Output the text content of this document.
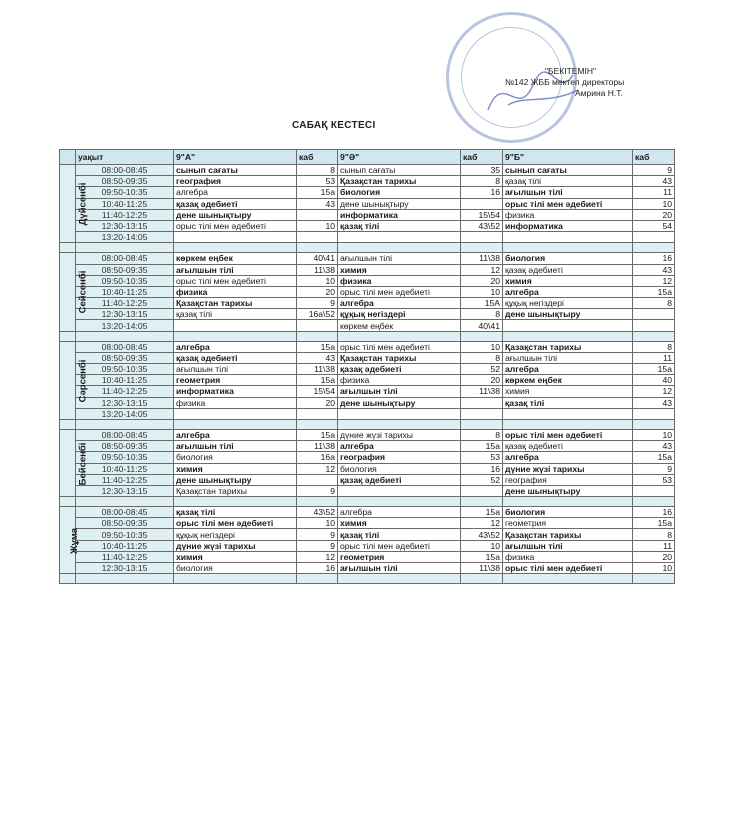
"БЕКІТЕМІН"
№142 ЖББ мектеп директоры
Амрина Н.Т.
САБАҚ КЕСТЕСІ
	уақыт	9"А"	каб	9"Ә"	каб	9"Б"	каб
Дүйсенбі	08:00-08:45	сынып сағаты	8	сынып сағаты	35	сынып сағаты	9
	08:50-09:35	география	53	Қазақстан тарихы	8	қазақ тілі	43
	09:50-10:35	алгебра	15а	биология	16	ағылшын тілі	11
	10:40-11:25	қазақ әдебиеті	43	дене шынықтыру		орыс тілі мен әдебиеті	10
	11:40-12:25	дене шынықтыру		информатика	15\54	физика	20
	12:30-13:15	орыс тілі мен әдебиеті	10	қазақ тілі	43\52	информатика	54
	13:20-14:05						

Сейсенбі	08:00-08:45	көркем еңбек	40\41	ағылшын тілі	11\38	биология	16
	08:50-09:35	ағылшын тілі	11\38	химия	12	қазақ әдебиеті	43
	09:50-10:35	орыс тілі мен әдебиеті	10	физика	20	химия	12
	10:40-11:25	физика	20	орыс тілі мен әдебиеті	10	алгебра	15а
	11:40-12:25	Қазақстан тарихы	9	алгебра	15А	құқық негіздері	8
	12:30-13:15	қазақ тілі	16а\52	құқық негіздері	8	дене шынықтыру	
	13:20-14:05			көркем еңбек	40\41		

Сәрсенбі	08:00-08:45	алгебра	15а	орыс тілі мен әдебиеті	10	Қазақстан тарихы	8
	08:50-09:35	қазақ әдебиеті	43	Қазақстан тарихы	8	ағылшын тілі	11
	09:50-10:35	ағылшын тілі	11\38	қазақ әдебиеті	52	алгебра	15а
	10:40-11:25	геометрия	15а	физика	20	көркем еңбек	40
	11:40-12:25	информатика	15\54	ағылшын тілі	11\38	химия	12
	12:30-13:15	физика	20	дене шынықтыру		қазақ тілі	43
	13:20-14:05						

Бейсенбі	08:00-08:45	алгебра	15а	дүние жүзі тарихы	8	орыс тілі мен әдебиеті	10
	08:50-09:35	ағылшын тілі	11\38	алгебра	15а	қазақ әдебиеті	43
	09:50-10:35	биология	16а	география	53	алгебра	15а
	10:40-11:25	химия	12	биология	16	дүние жүзі тарихы	9
	11:40-12:25	дене шынықтыру		қазақ әдебиеті	52	география	53
	12:30-13:15	Қазақстан тарихы	9			дене шынықтыру	

Жұма	08:00-08:45	қазақ тілі	43\52	алгебра	15а	биология	16
	08:50-09:35	орыс тілі мен әдебиеті	10	химия	12	геометрия	15а
	09:50-10:35	құқық негіздері	9	қазақ тілі	43\52	Қазақстан тарихы	8
	10:40-11:25	дүние жүзі тарихы	9	орыс тілі мен әдебиеті	10	ағылшын тілі	11
	11:40-12:25	химия	12	геометрия	15а	физика	20
	12:30-13:15	биология	16	ағылшын тілі	11\38	орыс тілі мен әдебиеті	10
